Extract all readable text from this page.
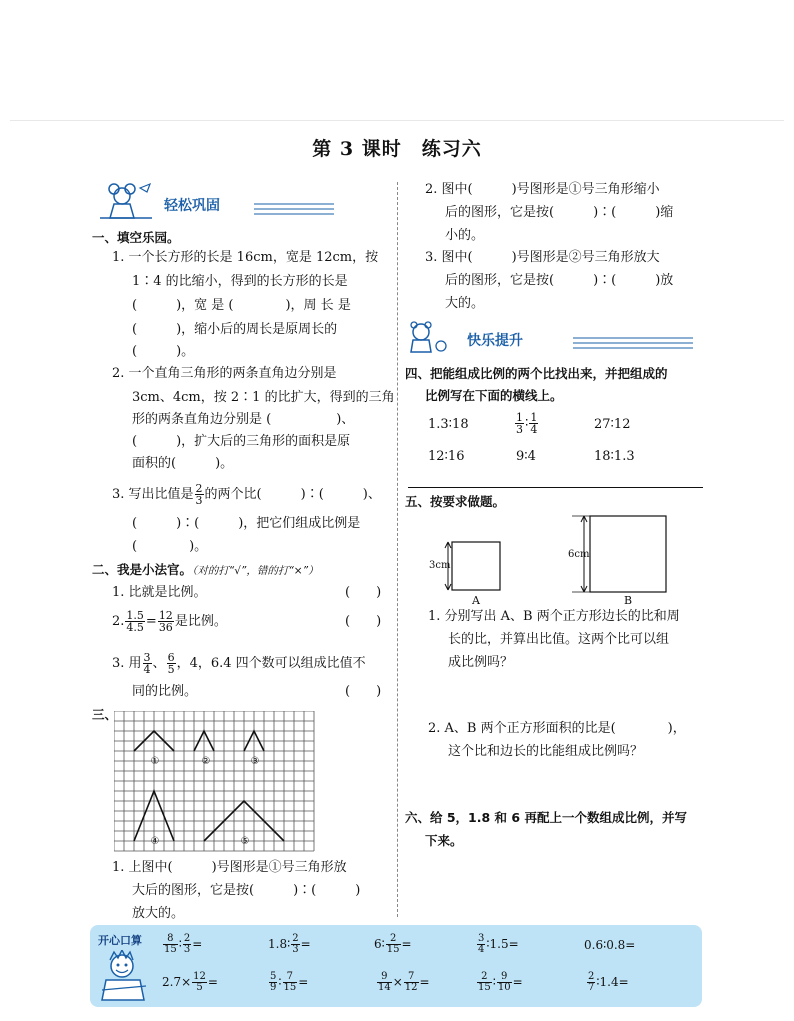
第 3 课时　练习六
轻松巩固
一、填空乐园。
1. 一个长方形的长是 16cm，宽是 12cm，按
1∶4 的比缩小，得到的长方形的长是
(　　　)，宽 是 (　　　　)，周 长 是
(　　　)，缩小后的周长是原周长的
(　　　)。
2. 一个直角三角形的两条直角边分别是
3cm、4cm，按 2∶1 的比扩大，得到的三角
形的两条直角边分别是 (　　　　　)、
(　　　)，扩大后的三角形的面积是原
面积的(　　　)。
3. 写出比值是 $\frac{2}{3}$ 的两个比(　　　)∶(　　　)、
(　　　)∶(　　　)，把它们组成比例是
(　　　　)。
二、我是小法官。（对的打“√”，错的打“×”）
1. 比就是比例。	(　　)
2. $\frac{1.5}{4.5} = \frac{12}{36}$ 是比例。	(　　)
3. 用 $\frac{3}{4}$ 、 $\frac{6}{5}$ ，4，6.4 四个数可以组成比值不
同的比例。	(　　)
三、
①	②	③
④	⑤
1. 上图中(　　　)号图形是①号三角形放
大后的图形，它是按(　　　)∶(　　　)
放大的。
2. 图中(　　　)号图形是①号三角形缩小
后的图形，它是按(　　　)∶(　　　)缩
小的。
3. 图中(　　　)号图形是②号三角形放大
后的图形，它是按(　　　)∶(　　　)放
大的。
快乐提升
四、把能组成比例的两个比找出来，并把组成的
比例写在下面的横线上。
1.3∶18	$\frac{1}{3}$ ∶ $\frac{1}{4}$	27∶12
12∶16	9∶4	18∶1.3
五、按要求做题。
3cm
A
6cm
B
1. 分别写出 A、B 两个正方形边长的比和周
长的比，并算出比值。这两个比可以组
成比例吗？
2. A、B 两个正方形面积的比是(　　　　)，
这个比和边长的比能组成比例吗？
六、给 5，1.8 和 6 再配上一个数组成比例，并写
下来。
开心口算 $\frac{8}{15}$ ∶ $\frac{2}{3}$ =	1.8∶ $\frac{2}{3}$ =	6∶ $\frac{2}{15}$ =	$\frac{3}{4}$ ∶1.5=	0.6∶0.8=
$2.7\times \frac{12}{5}$ =	$\frac{5}{9}$ ∶ $\frac{7}{15}$ =	$\frac{9}{14} \times \frac{7}{12}$ =	$\frac{2}{15}$ ∶ $\frac{9}{10}$ =	$\frac{2}{7}$ ∶1.4=
